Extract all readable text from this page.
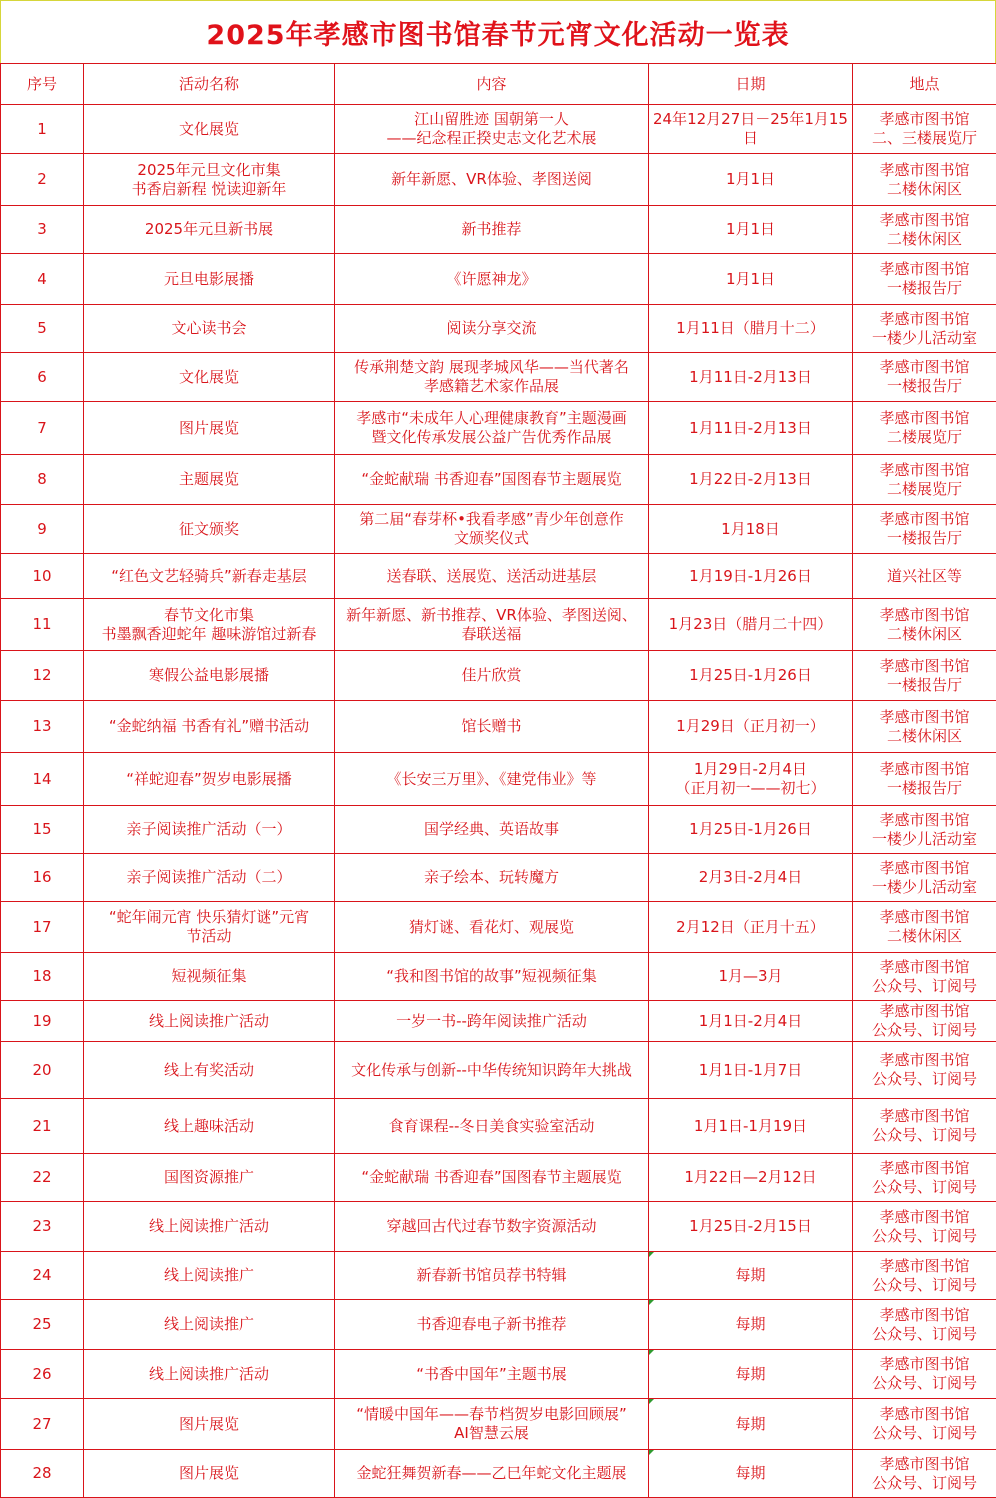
2025年孝感市图书馆春节元宵文化活动一览表
序号	活动名称	内容	日期	地点
1	文化展览	江山留胜迹 国朝第一人
——纪念程正揆史志文化艺术展	24年12月27日－25年1月15日	孝感市图书馆
二、三楼展览厅
2	2025年元旦文化市集
书香启新程 悦读迎新年	新年新愿、VR体验、孝图送阅	1月1日	孝感市图书馆
二楼休闲区
3	2025年元旦新书展	新书推荐	1月1日	孝感市图书馆
二楼休闲区
4	元旦电影展播	《许愿神龙》	1月1日	孝感市图书馆
一楼报告厅
5	文心读书会	阅读分享交流	1月11日（腊月十二）	孝感市图书馆
一楼少儿活动室
6	文化展览	传承荆楚文韵 展现孝城风华——当代著名
孝感籍艺术家作品展	1月11日-2月13日	孝感市图书馆
一楼报告厅
7	图片展览	孝感市“未成年人心理健康教育”主题漫画
暨文化传承发展公益广告优秀作品展	1月11日-2月13日	孝感市图书馆
二楼展览厅
8	主题展览	“金蛇献瑞 书香迎春”国图春节主题展览	1月22日-2月13日	孝感市图书馆
二楼展览厅
9	征文颁奖	第二届“春芽杯•我看孝感”青少年创意作
文颁奖仪式	1月18日	孝感市图书馆
一楼报告厅
10	“红色文艺轻骑兵”新春走基层	送春联、送展览、送活动进基层	1月19日-1月26日	道兴社区等
11	春节文化市集
书墨飘香迎蛇年 趣味游馆过新春	新年新愿、新书推荐、VR体验、孝图送阅、
春联送福	1月23日（腊月二十四）	孝感市图书馆
二楼休闲区
12	寒假公益电影展播	佳片欣赏	1月25日-1月26日	孝感市图书馆
一楼报告厅
13	“金蛇纳福 书香有礼”赠书活动	馆长赠书	1月29日（正月初一）	孝感市图书馆
二楼休闲区
14	“祥蛇迎春”贺岁电影展播	《长安三万里》、《建党伟业》等	1月29日-2月4日
（正月初一——初七）	孝感市图书馆
一楼报告厅
15	亲子阅读推广活动（一）	国学经典、英语故事	1月25日-1月26日	孝感市图书馆
一楼少儿活动室
16	亲子阅读推广活动（二）	亲子绘本、玩转魔方	2月3日-2月4日	孝感市图书馆
一楼少儿活动室
17	“蛇年闹元宵 快乐猜灯谜”元宵
节活动	猜灯谜、看花灯、观展览	2月12日（正月十五）	孝感市图书馆
二楼休闲区
18	短视频征集	“我和图书馆的故事”短视频征集	1月—3月	孝感市图书馆
公众号、订阅号
19	线上阅读推广活动	一岁一书--跨年阅读推广活动	1月1日-2月4日	孝感市图书馆
公众号、订阅号
20	线上有奖活动	文化传承与创新--中华传统知识跨年大挑战	1月1日-1月7日	孝感市图书馆
公众号、订阅号
21	线上趣味活动	食育课程--冬日美食实验室活动	1月1日-1月19日	孝感市图书馆
公众号、订阅号
22	国图资源推广	“金蛇献瑞 书香迎春”国图春节主题展览	1月22日—2月12日	孝感市图书馆
公众号、订阅号
23	线上阅读推广活动	穿越回古代过春节数字资源活动	1月25日-2月15日	孝感市图书馆
公众号、订阅号
24	线上阅读推广	新春新书馆员荐书特辑	每期	孝感市图书馆
公众号、订阅号
25	线上阅读推广	书香迎春电子新书推荐	每期	孝感市图书馆
公众号、订阅号
26	线上阅读推广活动	“书香中国年”主题书展	每期	孝感市图书馆
公众号、订阅号
27	图片展览	“情暖中国年——春节档贺岁电影回顾展”
AI智慧云展	每期	孝感市图书馆
公众号、订阅号
28	图片展览	金蛇狂舞贺新春——乙巳年蛇文化主题展	每期	孝感市图书馆
公众号、订阅号
